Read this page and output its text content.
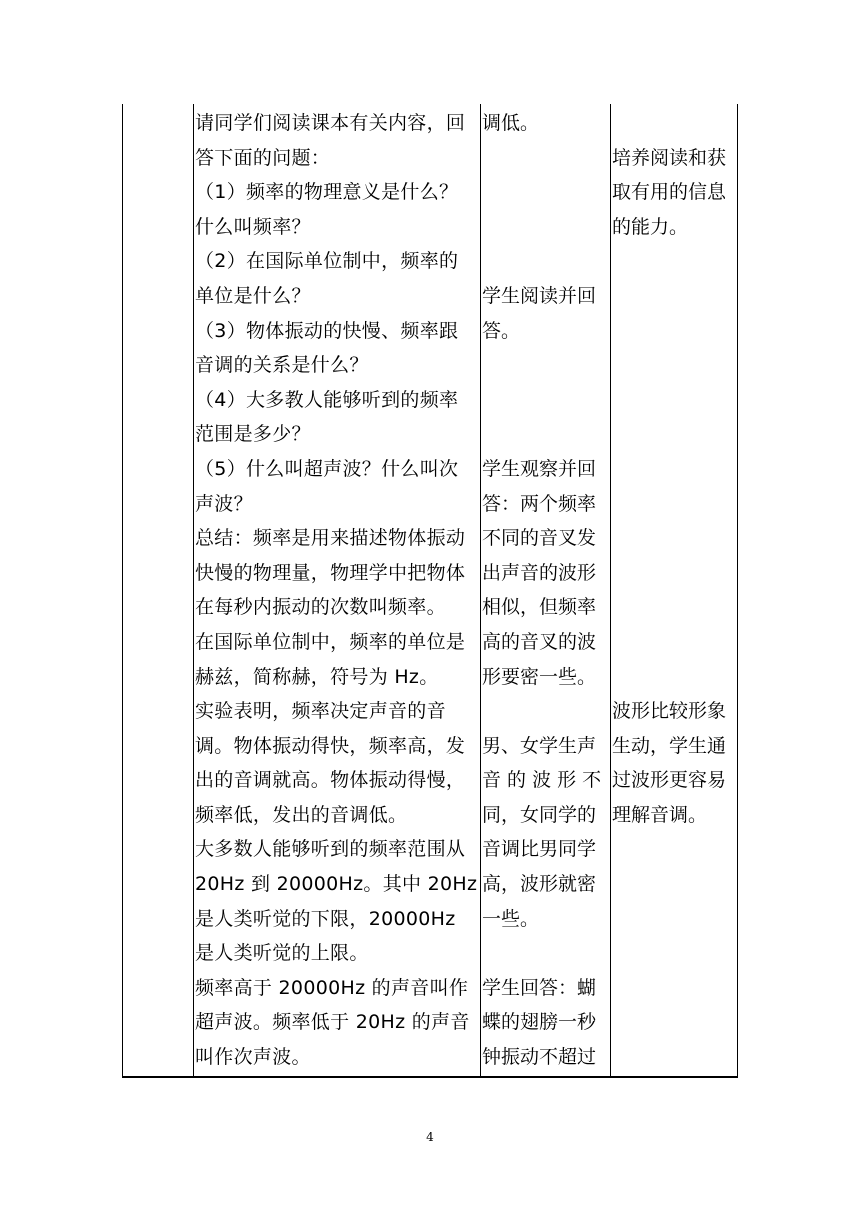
请同学们阅读课本有关内容，回
答下面的问题：
（1）频率的物理意义是什么？
什么叫频率？
（2）在国际单位制中，频率的
单位是什么？
（3）物体振动的快慢、频率跟
音调的关系是什么？
（4）大多教人能够听到的频率
范围是多少？
（5）什么叫超声波？什么叫次
声波？
总结：频率是用来描述物体振动
快慢的物理量，物理学中把物体
在每秒内振动的次数叫频率。
在国际单位制中，频率的单位是
赫兹，简称赫，符号为 Hz。
实验表明，频率决定声音的音
调。物体振动得快，频率高，发
出的音调就高。物体振动得慢，
频率低，发出的音调低。
大多数人能够听到的频率范围从
20Hz 到 20000Hz。其中 20Hz
是人类听觉的下限，20000Hz
是人类听觉的上限。
频率高于 20000Hz 的声音叫作
超声波。频率低于 20Hz 的声音
叫作次声波。
调低。
学生阅读并回
答。
学生观察并回
答：两个频率
不同的音叉发
出声音的波形
相似，但频率
高的音叉的波
形要密一些。
男、女学生声
音 的 波 形 不
同，女同学的
音调比男同学
高，波形就密
一些。
学生回答：蝴
蝶的翅膀一秒
钟振动不超过
培养阅读和获
取有用的信息
的能力。
波形比较形象
生动，学生通
过波形更容易
理解音调。
4
